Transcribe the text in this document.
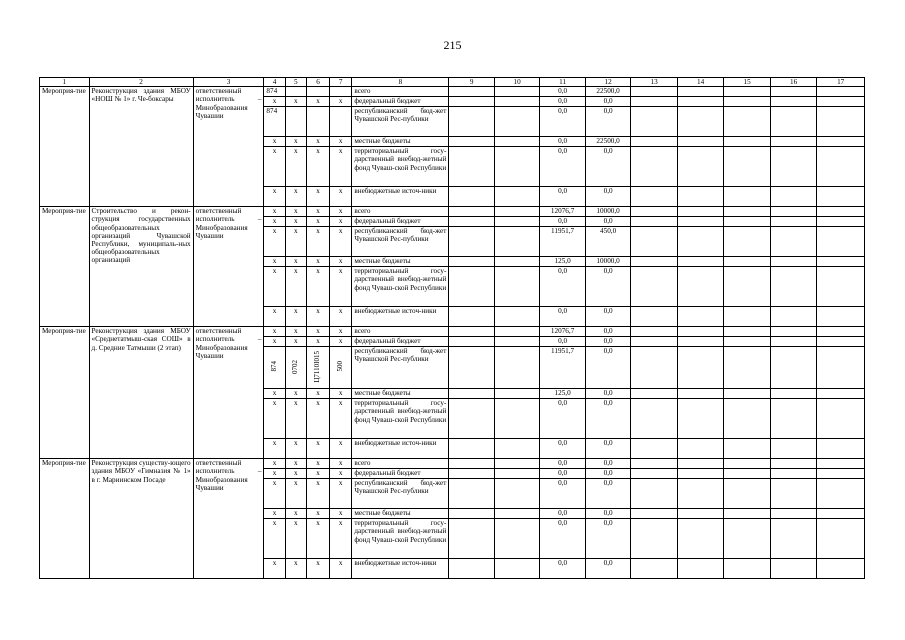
215
1	2	3	4	5	6	7	8	9	10	11	12	13	14	15	16	17
Мероприя-тие	Реконструкция здания МБОУ «НОШ № 1» г. Че-боксары	ответственный исполнитель – Минобразования Чувашии	874				всего			0,0	22500,0					
			x	x	x	x	федеральный бюджет			0,0	0,0					
			874				республиканский бюд-жет Чувашской Рес-публики			0,0	0,0					
			x	x	x	x	местные бюджеты			0,0	22500,0					
			x	x	x	x	территориальный госу-дарственный внебюд-жетный фонд Чуваш-ской Республики			0,0	0,0					
			x	x	x	x	внебюджетные источ-ники			0,0	0,0					
Мероприя-тие	Строительство и рекон-струкция государственных общеобразовательных организаций Чувашской Республики, муниципаль-ных общеобразовательных организаций	ответственный исполнитель – Минобразования Чувашии	x	x	x	x	всего			12076,7	10000,0					
			x	x	x	x	федеральный бюджет			0,0	0,0					
			x	x	x	x	республиканский бюд-жет Чувашской Рес-публики			11951,7	450,0					
			x	x	x	x	местные бюджеты			125,0	10000,0					
			x	x	x	x	территориальный госу-дарственный внебюд-жетный фонд Чуваш-ской Республики			0,0	0,0					
			x	x	x	x	внебюджетные источ-ники			0,0	0,0					
Мероприя-тие	Реконструкция здания МБОУ «Среднетатмыш-ская СОШ» в д. Средние Татмыши (2 этап)	ответственный исполнитель – Минобразования Чувашии	x	x	x	x	всего			12076,7	0,0					
			x	x	x	x	федеральный бюджет			0,0	0,0					
			874	0702	Ц7110I015	500	республиканский бюд-жет Чувашской Рес-публики			11951,7	0,0					
			x	x	x	x	местные бюджеты			125,0	0,0					
			x	x	x	x	территориальный госу-дарственный внебюд-жетный фонд Чуваш-ской Республики			0,0	0,0					
			x	x	x	x	внебюджетные источ-ники			0,0	0,0					
Мероприя-тие	Реконструкция существу-ющего здания МБОУ «Гимназия № 1» в г. Мариинском Посаде	ответственный исполнитель – Минобразования Чувашии	x	x	x	x	всего			0,0	0,0					
			x	x	x	x	федеральный бюджет			0,0	0,0					
			x	x	x	x	республиканский бюд-жет Чувашской Рес-публики			0,0	0,0					
			x	x	x	x	местные бюджеты			0,0	0,0					
			x	x	x	x	территориальный госу-дарственный внебюд-жетный фонд Чуваш-ской Республики			0,0	0,0					
			x	x	x	x	внебюджетные источ-ники			0,0	0,0					
